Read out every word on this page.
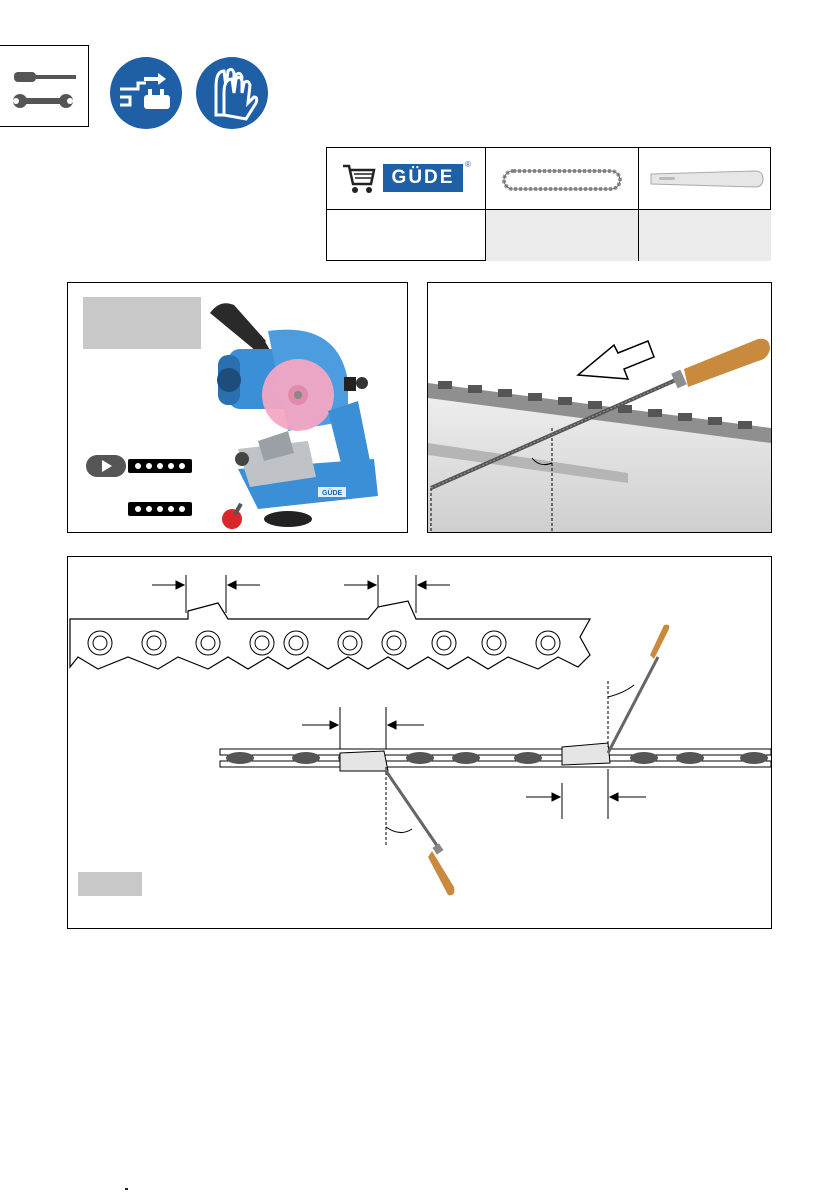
GÜDE
®
GÜDE
